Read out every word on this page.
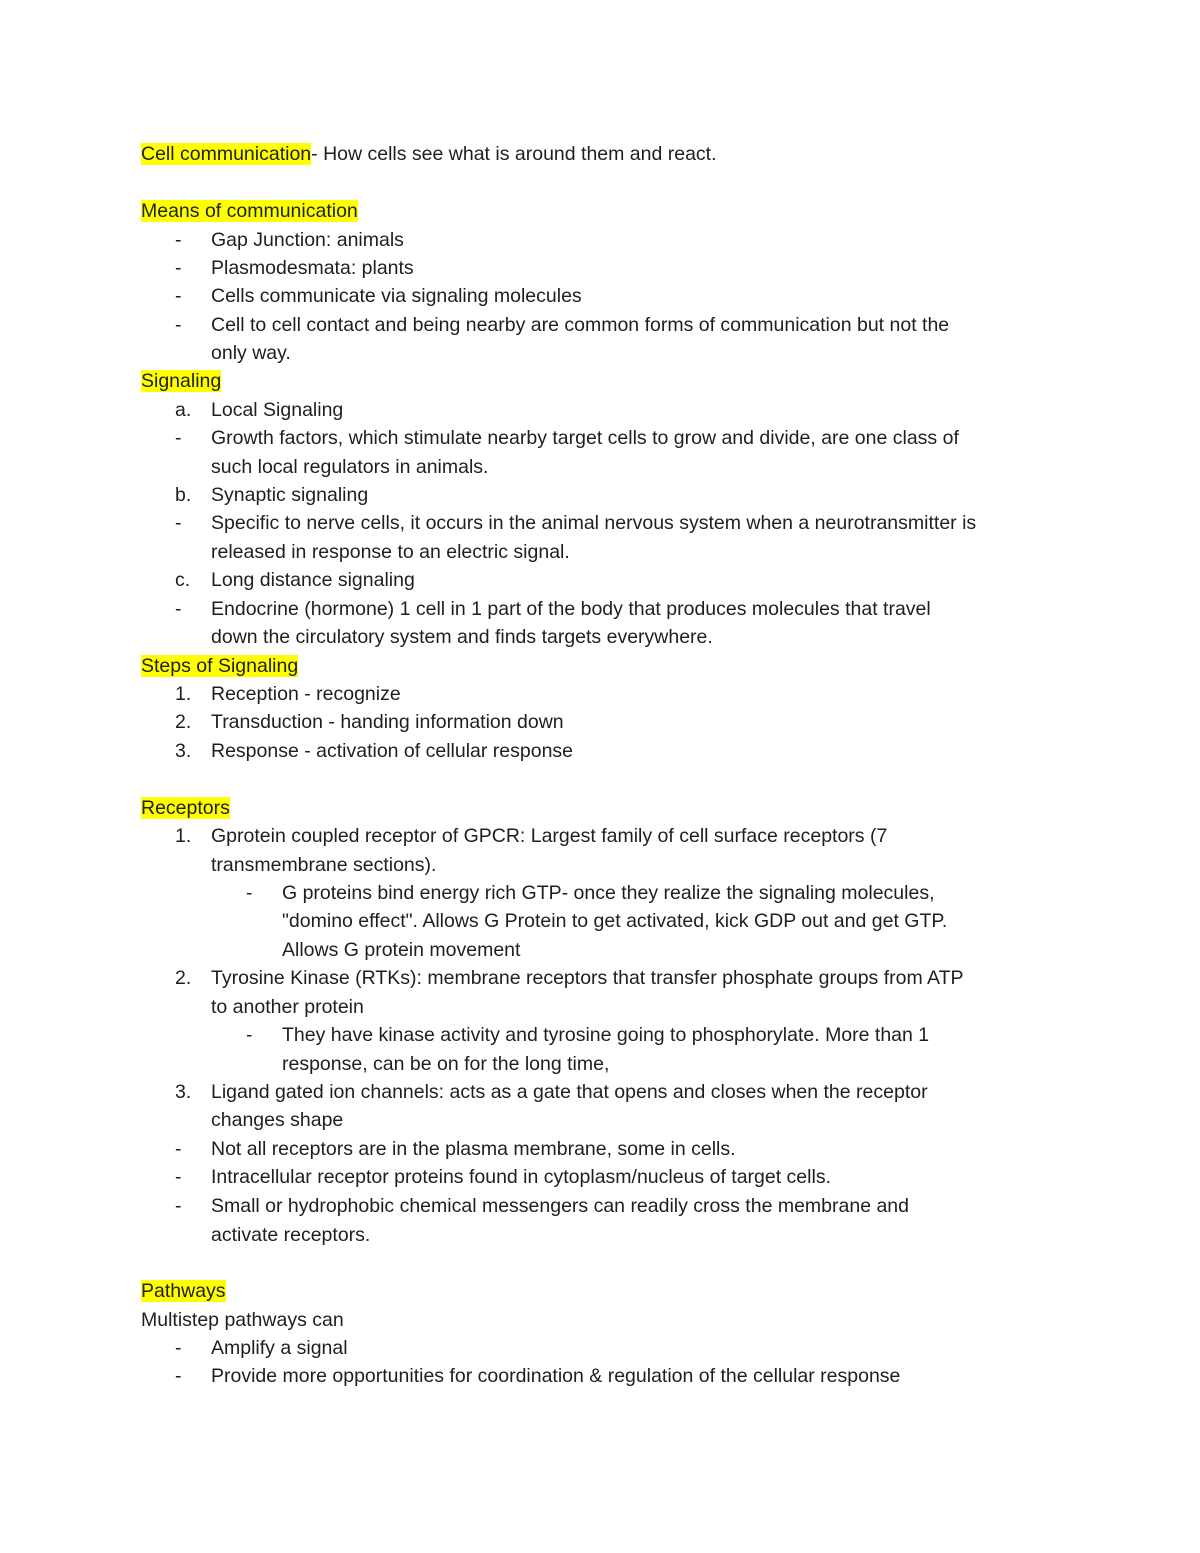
Cell communication- How cells see what is around them and react.
Means of communication
- Gap Junction: animals
- Plasmodesmata: plants
- Cells communicate via signaling molecules
- Cell to cell contact and being nearby are common forms of communication but not the
only way.
Signaling
a. Local Signaling
- Growth factors, which stimulate nearby target cells to grow and divide, are one class of
such local regulators in animals.
b. Synaptic signaling
- Specific to nerve cells, it occurs in the animal nervous system when a neurotransmitter is
released in response to an electric signal.
c. Long distance signaling
- Endocrine (hormone) 1 cell in 1 part of the body that produces molecules that travel
down the circulatory system and finds targets everywhere.
Steps of Signaling
1. Reception - recognize
2. Transduction - handing information down
3. Response - activation of cellular response
Receptors
1. Gprotein coupled receptor of GPCR: Largest family of cell surface receptors (7
transmembrane sections).
- G proteins bind energy rich GTP- once they realize the signaling molecules,
"domino effect". Allows G Protein to get activated, kick GDP out and get GTP.
Allows G protein movement
2. Tyrosine Kinase (RTKs): membrane receptors that transfer phosphate groups from ATP
to another protein
- They have kinase activity and tyrosine going to phosphorylate. More than 1
response, can be on for the long time,
3. Ligand gated ion channels: acts as a gate that opens and closes when the receptor
changes shape
- Not all receptors are in the plasma membrane, some in cells.
- Intracellular receptor proteins found in cytoplasm/nucleus of target cells.
- Small or hydrophobic chemical messengers can readily cross the membrane and
activate receptors.
Pathways
Multistep pathways can
- Amplify a signal
- Provide more opportunities for coordination & regulation of the cellular response
